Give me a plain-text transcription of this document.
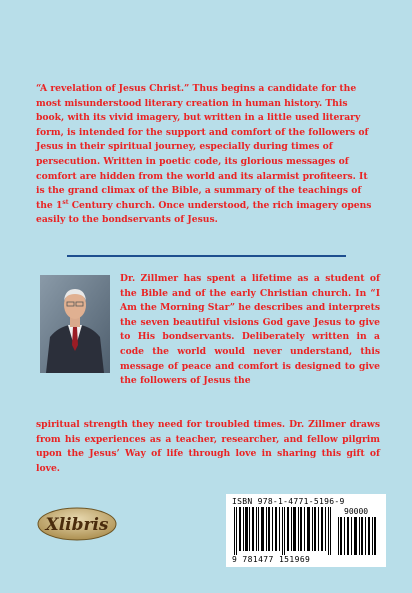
“A revelation of Jesus Christ.” Thus begins a candidate for the most misunderstood literary creation in human history. This book, with its vivid imagery, but written in a little used literary form, is intended for the support and comfort of the followers of Jesus in their spiritual journey, especially during times of persecution. Written in poetic code, its glorious messages of comfort are hidden from the world and its alarmist profiteers. It is the grand climax of the Bible, a summary of the teachings of the 1st Century church. Once understood, the rich imagery opens easily to the bondservants of Jesus.

Dr. Zillmer has spent a lifetime as a student of the Bible and of the early Christian church. In “I Am the Morning Star” he describes and interprets the seven beautiful visions God gave Jesus to give to His bondservants. Deliberately written in a code the world would never understand, this message of peace and comfort is designed to give the followers of Jesus the

spiritual strength they need for troubled times. Dr. Zillmer draws from his experiences as a teacher, researcher, and fellow pilgrim upon the Jesus’ Way of life through love in sharing this gift of love.

Xlibris
ISBN 978-1-4771-5196-9
90000
9 781477 151969
